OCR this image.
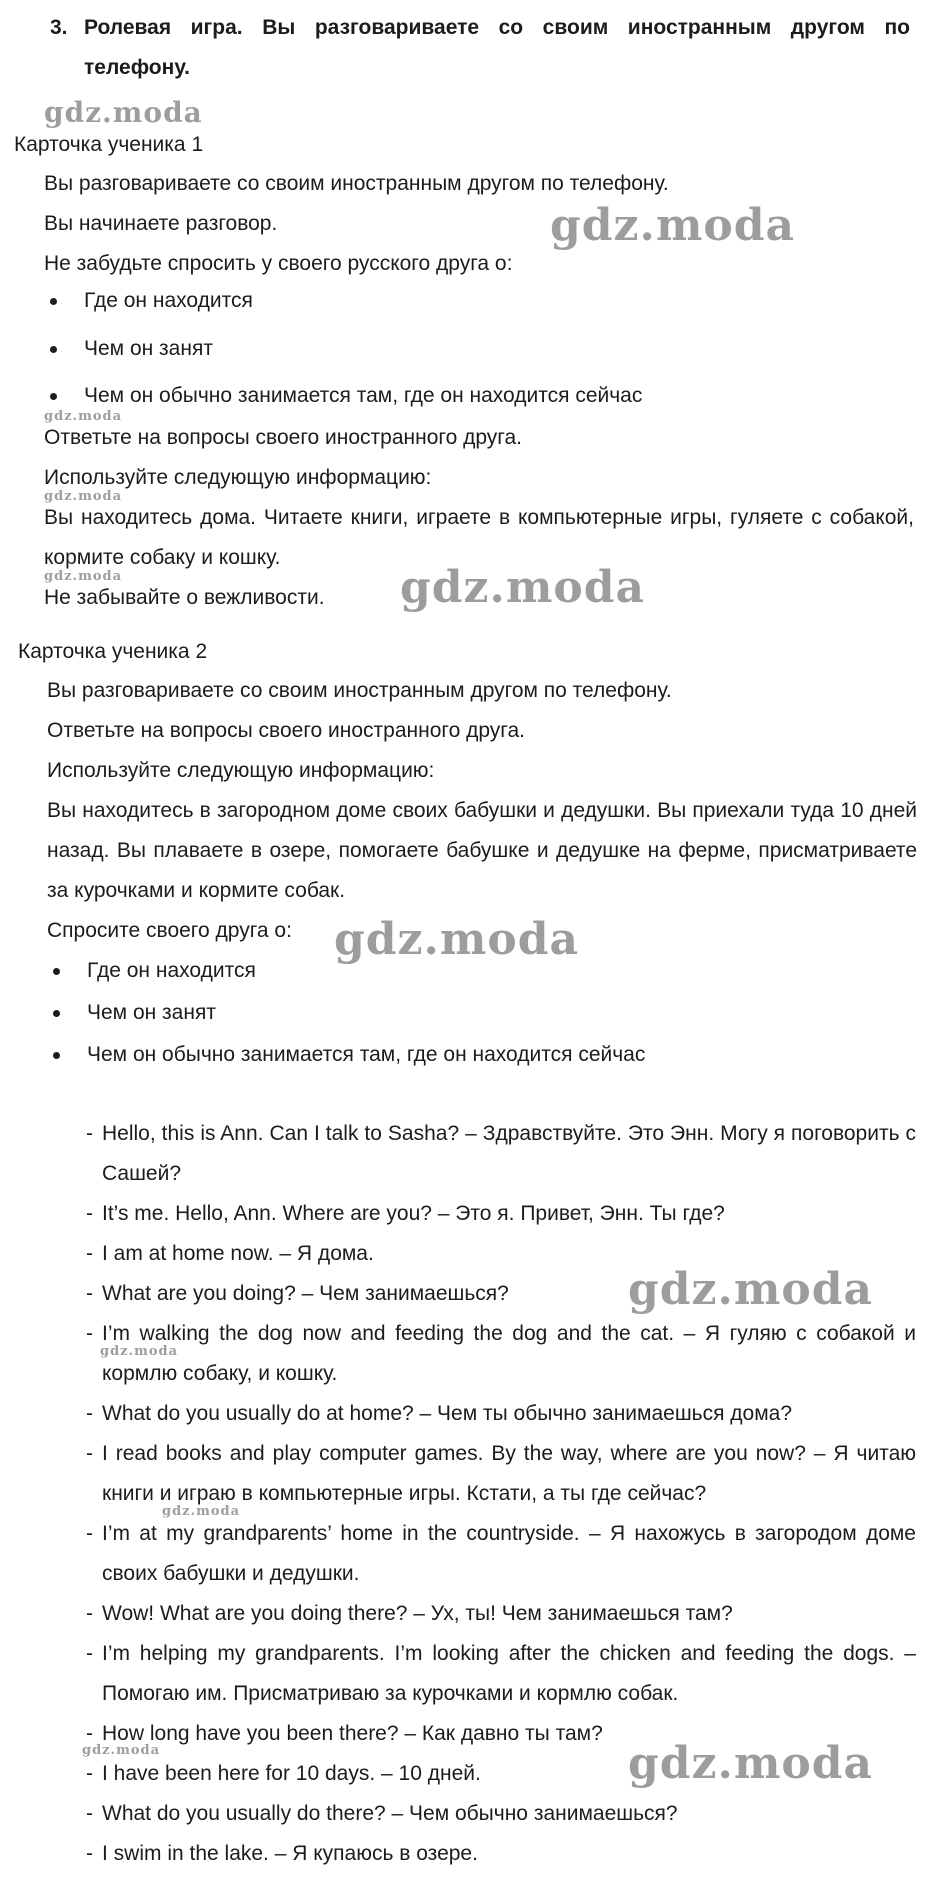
3. Ролевая игра. Вы разговариваете со своим иностранным другом по телефону.
Карточка ученика 1

Вы разговариваете со своим иностранным другом по телефону.

Вы начинаете разговор.

Не забудьте спросить у своего русского друга о:

Где он находится
Чем он занят
Чем он обычно занимается там, где он находится сейчас

Ответьте на вопросы своего иностранного друга.

Используйте следующую информацию:

Вы находитесь дома. Читаете книги, играете в компьютерные игры, гуляете с собакой, кормите собаку и кошку.

Не забывайте о вежливости.

Карточка ученика 2

Вы разговариваете со своим иностранным другом по телефону.

Ответьте на вопросы своего иностранного друга.

Используйте следующую информацию:

Вы находитесь в загородном доме своих бабушки и дедушки. Вы приехали туда 10 дней назад. Вы плаваете в озере, помогаете бабушке и дедушке на ферме, присматриваете за курочками и кормите собак.

Спросите своего друга о:

Где он находится
Чем он занят
Чем он обычно занимается там, где он находится сейчас
- Hello, this is Ann. Can I talk to Sasha? – Здравствуйте. Это Энн. Могу я поговорить с Сашей?
- It’s me. Hello, Ann. Where are you? – Это я. Привет, Энн. Ты где?
- I am at home now. – Я дома.
- What are you doing? – Чем занимаешься?
- I’m walking the dog now and feeding the dog and the cat. – Я гуляю с собакой и кормлю собаку, и кошку.
- What do you usually do at home? – Чем ты обычно занимаешься дома?
- I read books and play computer games. By the way, where are you now? – Я читаю книги и играю в компьютерные игры. Кстати, а ты где сейчас?
- I’m at my grandparents’ home in the countryside. – Я нахожусь в загородом доме своих бабушки и дедушки.
- Wow! What are you doing there? – Ух, ты! Чем занимаешься там?
- I’m helping my grandparents. I’m looking after the chicken and feeding the dogs. – Помогаю им. Присматриваю за курочками и кормлю собак.
- How long have you been there? – Как давно ты там?
- I have been here for 10 days. – 10 дней.
- What do you usually do there? – Чем обычно занимаешься?
- I swim in the lake. – Я купаюсь в озере.
gdz.moda
gdz.moda
gdz.moda
gdz.moda
gdz.moda	gdz.moda
gdz.moda
gdz.moda
gdz.moda
gdz.moda
gdz.moda	gdz.moda
